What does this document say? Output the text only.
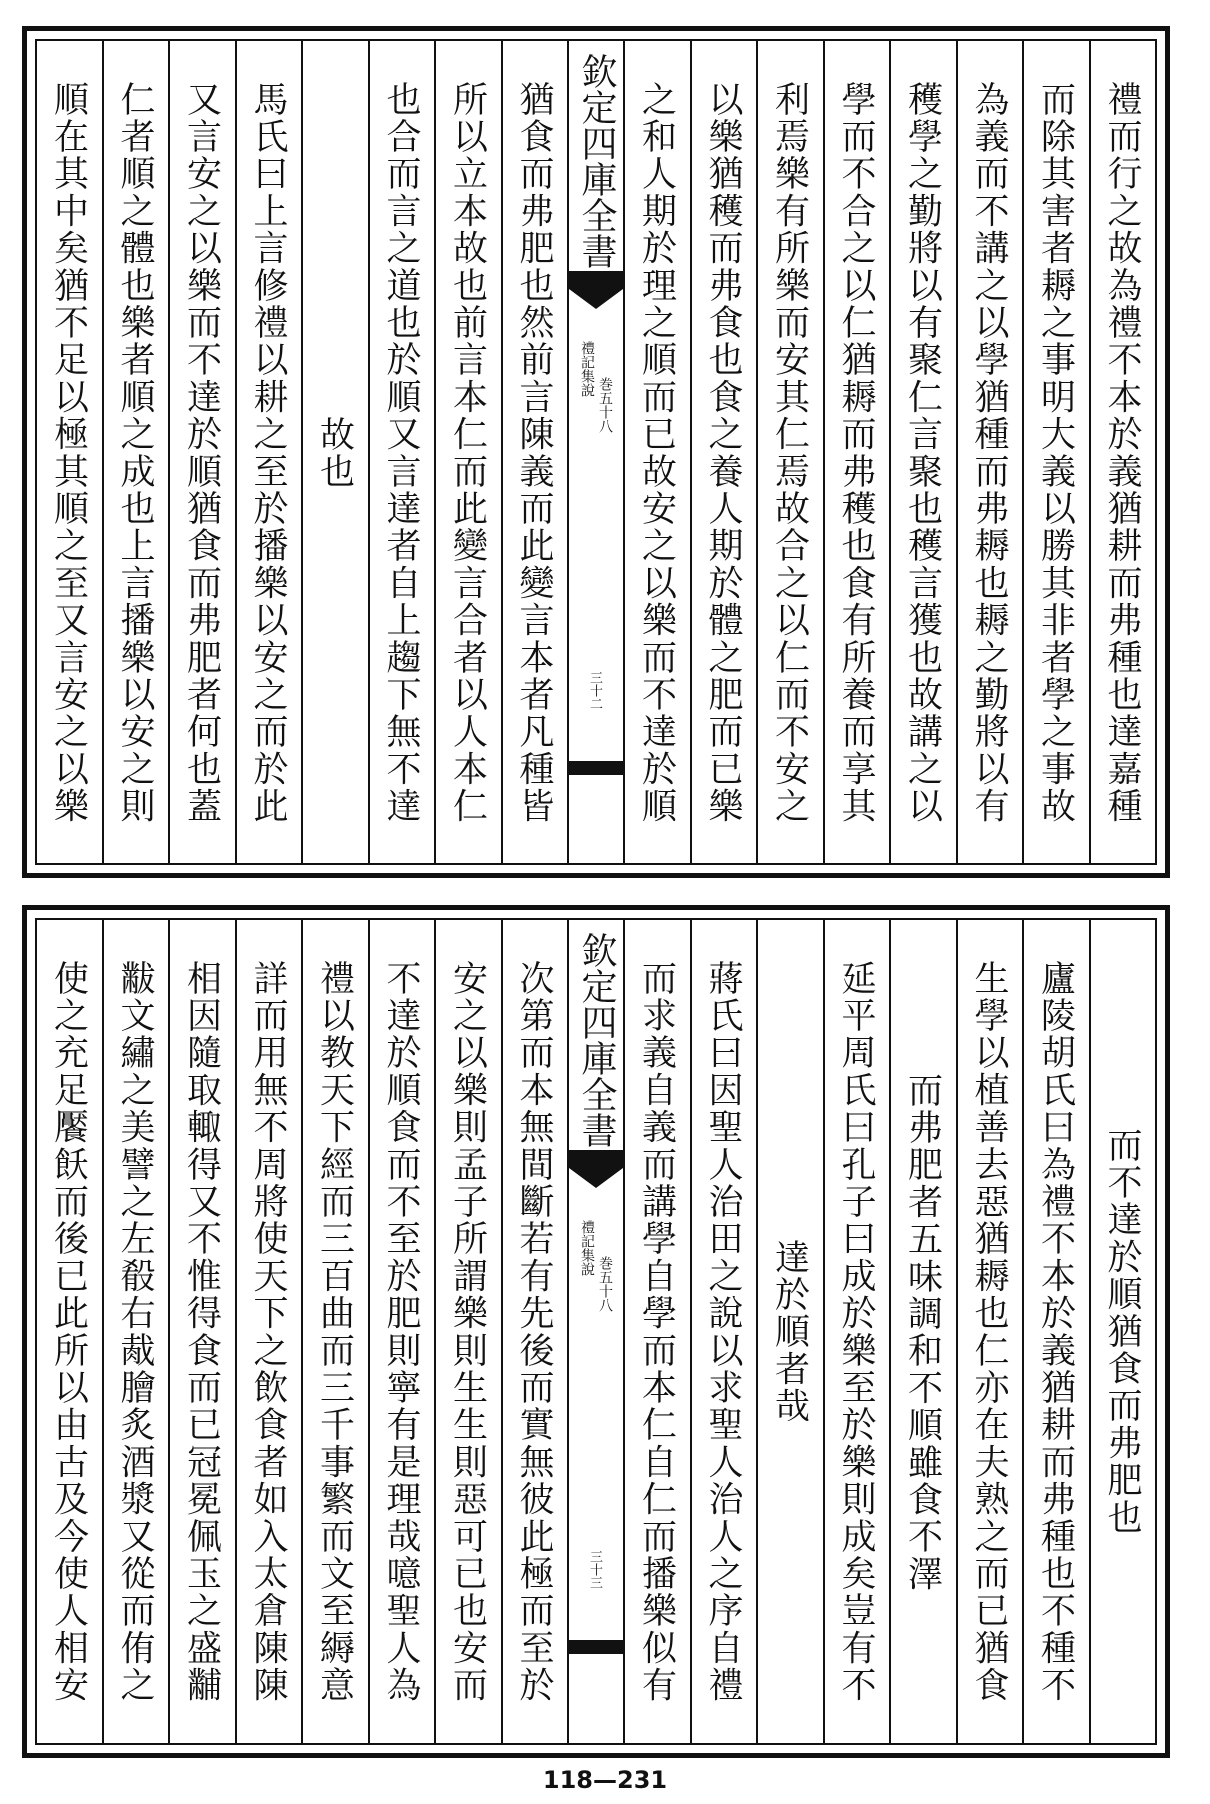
禮而行之故為禮不本於義猶耕而弗種也達嘉種
而除其害者耨之事明大義以勝其非者學之事故
為義而不講之以學猶種而弗耨也耨之勤將以有
穫學之勤將以有聚仁言聚也穫言獲也故講之以
學而不合之以仁猶耨而弗穫也食有所養而享其
利焉樂有所樂而安其仁焉故合之以仁而不安之
以樂猶穫而弗食也食之養人期於體之肥而已樂
之和人期於理之順而已故安之以樂而不達於順
欽定四庫全書
禮記集說
巻五十八
三十二
猶食而弗肥也然前言陳義而此變言本者凡種皆
所以立本故也前言本仁而此變言合者以人本仁
也合而言之道也於順又言達者自上趨下無不達
故也
馬氏曰上言修禮以耕之至於播樂以安之而於此
又言安之以樂而不達於順猶食而弗肥者何也蓋
仁者順之體也樂者順之成也上言播樂以安之則
順在其中矣猶不足以極其順之至又言安之以樂
而不達於順猶食而弗肥也
廬陵胡氏曰為禮不本於義猶耕而弗種也不種不
生學以植善去惡猶耨也仁亦在夫熟之而已猶食
而弗肥者五味調和不順雖食不澤
延平周氏曰孔子曰成於樂至於樂則成矣豈有不
達於順者哉
蔣氏曰因聖人治田之說以求聖人治人之序自禮
而求義自義而講學自學而本仁自仁而播樂似有
欽定四庫全書
禮記集說
巻五十八
三十三
次第而本無間斷若有先後而實無彼此極而至於
安之以樂則孟子所謂樂則生生則惡可已也安而
不達於順食而不至於肥則寧有是理哉噫聖人為
禮以教天下經而三百曲而三千事繁而文至縟意
詳而用無不周將使天下之飲食者如入太倉陳陳
相因隨取輙得又不惟得食而已冠冕佩玉之盛黼
黻文繡之美譬之左殽右胾膾炙酒漿又從而侑之
使之充足饜飫而後已此所以由古及今使人相安
118—231
